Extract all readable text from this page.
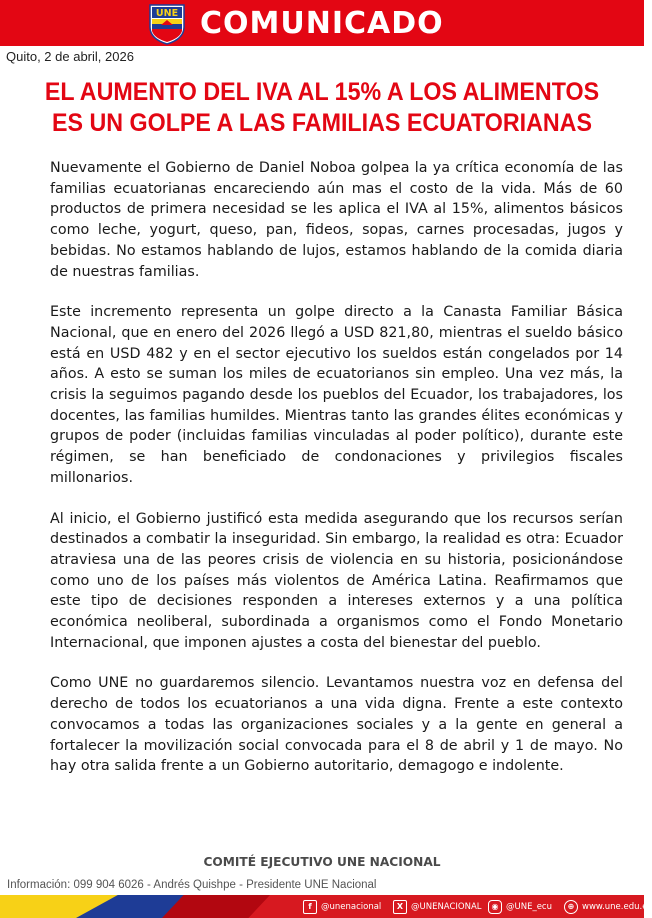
UNE COMUNICADO
Quito, 2 de abril, 2026
EL AUMENTO DEL IVA AL 15% A LOS ALIMENTOS
ES UN GOLPE A LAS FAMILIAS ECUATORIANAS

Nuevamente el Gobierno de Daniel Noboa golpea la ya crítica economía de las familias ecuatorianas encareciendo aún mas el costo de la vida. Más de 60 productos de primera necesidad se les aplica el IVA al 15%, alimentos básicos como leche, yogurt, queso, pan, fideos, sopas, carnes procesadas, jugos y bebidas. No estamos hablando de lujos, estamos hablando de la comida diaria de nuestras familias.

Este incremento representa un golpe directo a la Canasta Familiar Básica Nacional, que en enero del 2026 llegó a USD 821,80, mientras el sueldo básico está en USD 482 y en el sector ejecutivo los sueldos están congelados por 14 años. A esto se suman los miles de ecuatorianos sin empleo. Una vez más, la crisis la seguimos pagando desde los pueblos del Ecuador, los trabajadores, los docentes, las familias humildes. Mientras tanto las grandes élites económicas y grupos de poder (incluidas familias vinculadas al poder político), durante este régimen, se han beneficiado de condonaciones y privilegios fiscales millonarios.

Al inicio, el Gobierno justificó esta medida asegurando que los recursos serían destinados a combatir la inseguridad. Sin embargo, la realidad es otra: Ecuador atraviesa una de las peores crisis de violencia en su historia, posicionándose como uno de los países más violentos de América Latina. Reafirmamos que este tipo de decisiones responden a intereses externos y a una política económica neoliberal, subordinada a organismos como el Fondo Monetario Internacional, que imponen ajustes a costa del bienestar del pueblo.

Como UNE no guardaremos silencio. Levantamos nuestra voz en defensa del derecho de todos los ecuatorianos a una vida digna. Frente a este contexto convocamos a todas las organizaciones sociales y a la gente en general a fortalecer la movilización social convocada para el 8 de abril y 1 de mayo. No hay otra salida frente a un Gobierno autoritario, demagogo e indolente.

COMITÉ EJECUTIVO UNE NACIONAL
Información: 099 904 6026 - Andrés Quishpe - Presidente UNE Nacional
f	@unenacional	X @UNENACIONAL	◉ @UNE_ecu	⊕ www.une.edu.ec
